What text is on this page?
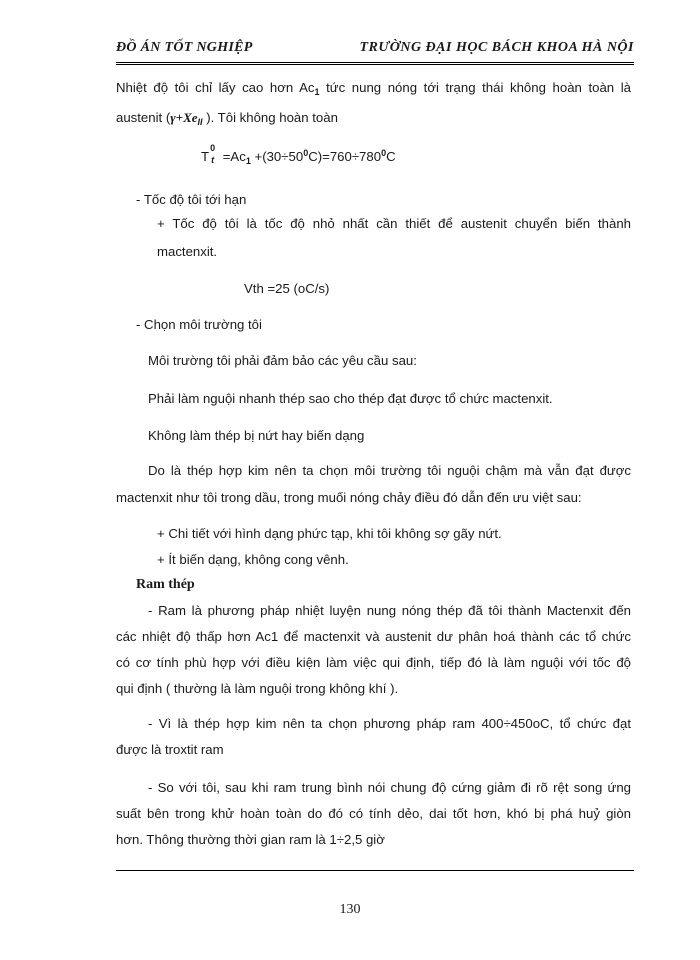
ĐỒ ÁN TỐT NGHIỆP	TRƯỜNG ĐẠI HỌC BÁCH KHOA HÀ NỘI
Nhiệt độ tôi chỉ lấy cao hơn $Ac_1$ tức nung nóng tới trạng thái không hoàn toàn là
austenit ($\gamma+Xe_{II}$ ). Tôi không hoàn toàn
T
0
$t =Ac_1 +(30\div 50^0C)=760\div 780^0C$
- Tốc độ tôi tới hạn
+ Tốc độ tôi là tốc độ nhỏ nhất cần thiết để austenit chuyển biến thành
mactenxit.
Vth =25 (oC/s)
- Chọn môi trường tôi
Môi trường tôi phải đảm bảo các yêu cầu sau:
Phải làm nguội nhanh thép sao cho thép đạt được tổ chức mactenxit.
Không làm thép bị nứt hay biến dạng
Do là thép hợp kim nên ta chọn môi trường tôi nguội chậm mà vẫn đạt được
mactenxit như tôi trong dầu, trong muối nóng chảy điều đó dẫn đến ưu việt sau:
+ Chi tiết với hình dạng phức tạp, khi tôi không sợ gãy nứt.
+ Ít biến dạng, không cong vênh.
Ram thép
- Ram là phương pháp nhiệt luyện nung nóng thép đã tôi thành Mactenxit đến
các nhiệt độ thấp hơn Ac1 để mactenxit và austenit dư phân hoá thành các tổ chức
có cơ tính phù hợp với điều kiện làm việc qui định, tiếp đó là làm nguội với tốc độ
qui định ( thường là làm nguội trong không khí ).
- Vì là thép hợp kim nên ta chọn phương pháp ram 400÷450oC, tổ chức đạt
được là troxtit ram
- So với tôi, sau khi ram trung bình nói chung độ cứng giảm đi rõ rệt song ứng
suất bên trong khử hoàn toàn do đó có tính dẻo, dai tốt hơn, khó bị phá huỷ giòn
hơn. Thông thường thời gian ram là 1÷2,5 giờ
130
